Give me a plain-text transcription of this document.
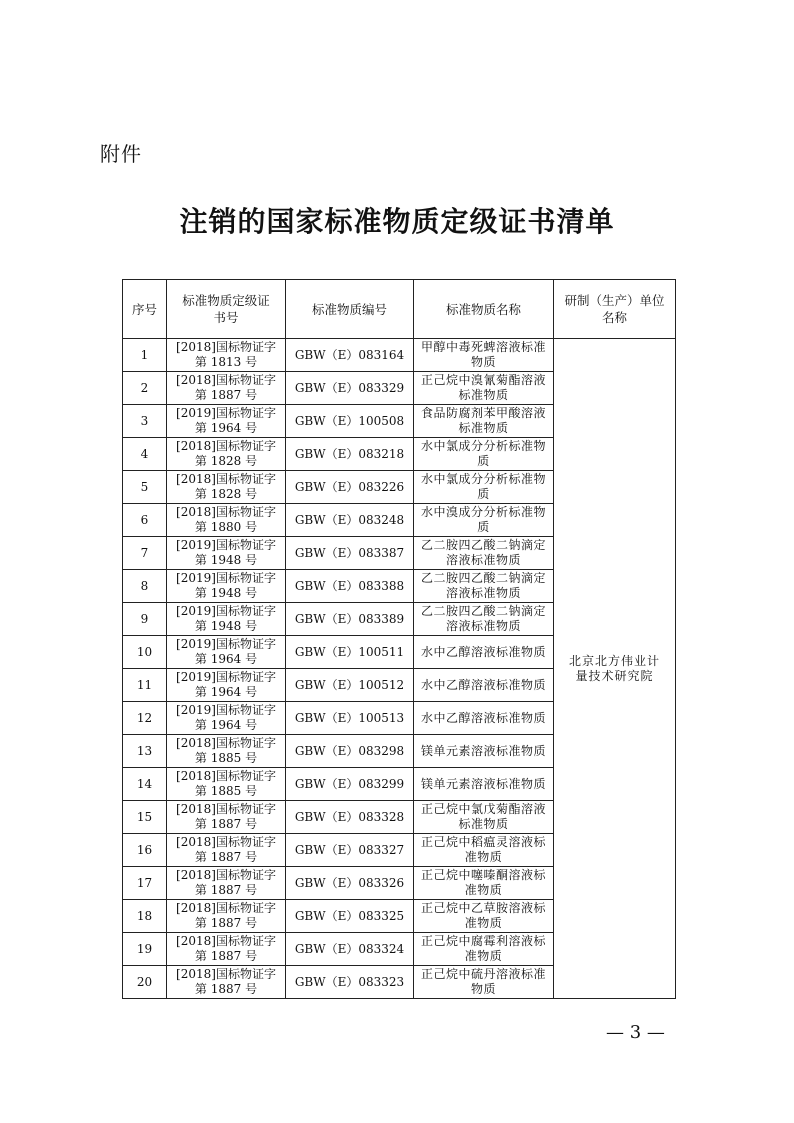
附件
注销的国家标准物质定级证书清单
序号	标准物质定级证书号	标准物质编号	标准物质名称	研制（生产）单位名称

1	[2018]国标物证字第 1813 号	GBW（E）083164	甲醇中毒死蜱溶液标准物质	北京北方伟业计量技术研究院

2	[2018]国标物证字第 1887 号	GBW（E）083329	正己烷中溴氰菊酯溶液标准物质	

3	[2019]国标物证字第 1964 号	GBW（E）100508	食品防腐剂苯甲酸溶液标准物质	

4	[2018]国标物证字第 1828 号	GBW（E）083218	水中氯成分分析标准物质	

5	[2018]国标物证字第 1828 号	GBW（E）083226	水中氯成分分析标准物质	

6	[2018]国标物证字第 1880 号	GBW（E）083248	水中溴成分分析标准物质	

7	[2019]国标物证字第 1948 号	GBW（E）083387	乙二胺四乙酸二钠滴定溶液标准物质	

8	[2019]国标物证字第 1948 号	GBW（E）083388	乙二胺四乙酸二钠滴定溶液标准物质	

9	[2019]国标物证字第 1948 号	GBW（E）083389	乙二胺四乙酸二钠滴定溶液标准物质	

10	[2019]国标物证字第 1964 号	GBW（E）100511	水中乙醇溶液标准物质	

11	[2019]国标物证字第 1964 号	GBW（E）100512	水中乙醇溶液标准物质	

12	[2019]国标物证字第 1964 号	GBW（E）100513	水中乙醇溶液标准物质	

13	[2018]国标物证字第 1885 号	GBW（E）083298	镁单元素溶液标准物质	

14	[2018]国标物证字第 1885 号	GBW（E）083299	镁单元素溶液标准物质	

15	[2018]国标物证字第 1887 号	GBW（E）083328	正己烷中氯戊菊酯溶液标准物质	

16	[2018]国标物证字第 1887 号	GBW（E）083327	正己烷中稻瘟灵溶液标准物质	

17	[2018]国标物证字第 1887 号	GBW（E）083326	正己烷中噻嗪酮溶液标准物质	

18	[2018]国标物证字第 1887 号	GBW（E）083325	正己烷中乙草胺溶液标准物质	

19	[2018]国标物证字第 1887 号	GBW（E）083324	正己烷中腐霉利溶液标准物质	

20	[2018]国标物证字第 1887 号	GBW（E）083323	正己烷中硫丹溶液标准物质	
— 3 —
